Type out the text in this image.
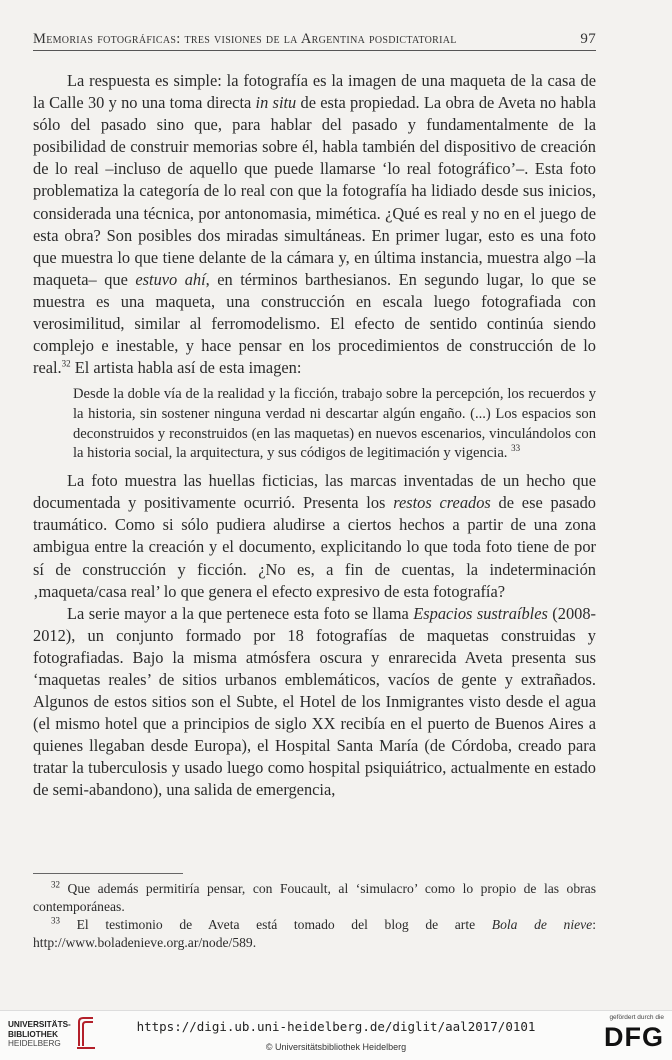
Memorias fotográficas: tres visiones de la Argentina posdictatorial	97

La respuesta es simple: la fotografía es la imagen de una maqueta de la casa de la Calle 30 y no una toma directa in situ de esta propiedad. La obra de Aveta no habla sólo del pasado sino que, para hablar del pasado y fundamentalmente de la posibilidad de construir memorias sobre él, habla también del dispositivo de creación de lo real –incluso de aquello que puede llamarse ‘lo real fotográfico’–. Esta foto problematiza la categoría de lo real con que la fotografía ha lidiado desde sus inicios, considerada una técnica, por antonomasia, mimética. ¿Qué es real y no en el juego de esta obra? Son posibles dos miradas simultáneas. En primer lugar, esto es una foto que muestra lo que tiene delante de la cámara y, en última instancia, muestra algo –la maqueta– que estuvo ahí, en términos barthesianos. En segundo lugar, lo que se muestra es una maqueta, una construcción en escala luego fotografiada con verosimilitud, similar al ferromodelismo. El efecto de sentido continúa siendo complejo e inestable, y hace pensar en los procedimientos de construcción de lo real.$^{32}$ El artista habla así de esta imagen:

Desde la doble vía de la realidad y la ficción, trabajo sobre la percepción, los recuerdos y la historia, sin sostener ninguna verdad ni descartar algún engaño. (...) Los espacios son deconstruidos y reconstruidos (en las maquetas) en nuevos escenarios, vinculándolos con la historia social, la arquitectura, y sus códigos de legitimación y vigencia. $^{33}$

La foto muestra las huellas ficticias, las marcas inventadas de un hecho que documentada y positivamente ocurrió. Presenta los restos creados de ese pasado traumático. Como si sólo pudiera aludirse a ciertos hechos a partir de una zona ambigua entre la creación y el documento, explicitando lo que toda foto tiene de por sí de construcción y ficción. ¿No es, a fin de cuentas, la indeterminación ‚maqueta/casa real’ lo que genera el efecto expresivo de esta fotografía?

La serie mayor a la que pertenece esta foto se llama Espacios sustraíbles (2008-2012), un conjunto formado por 18 fotografías de maquetas construidas y fotografiadas. Bajo la misma atmósfera oscura y enrarecida Aveta presenta sus ‘maquetas reales’ de sitios urbanos emblemáticos, vacíos de gente y extrañados. Algunos de estos sitios son el Subte, el Hotel de los Inmigrantes visto desde el agua (el mismo hotel que a principios de siglo XX recibía en el puerto de Buenos Aires a quienes llegaban desde Europa), el Hospital Santa María (de Córdoba, creado para tratar la tuberculosis y usado luego como hospital psiquiátrico, actualmente en estado de semi-abandono), una salida de emergencia,

$^{32}$ Que además permitiría pensar, con Foucault, al ‘simulacro’ como lo propio de las obras contemporáneas.

$^{33}$ El testimonio de Aveta está tomado del blog de arte Bola de nieve: http://www.boladenieve.org.ar/node/589.

UNIVERSITÄTS-
BIBLIOTHEK
HEIDELBERG
https://digi.ub.uni-heidelberg.de/diglit/aal2017/0101
© Universitätsbibliothek Heidelberg
gefördert durch die
DFG
